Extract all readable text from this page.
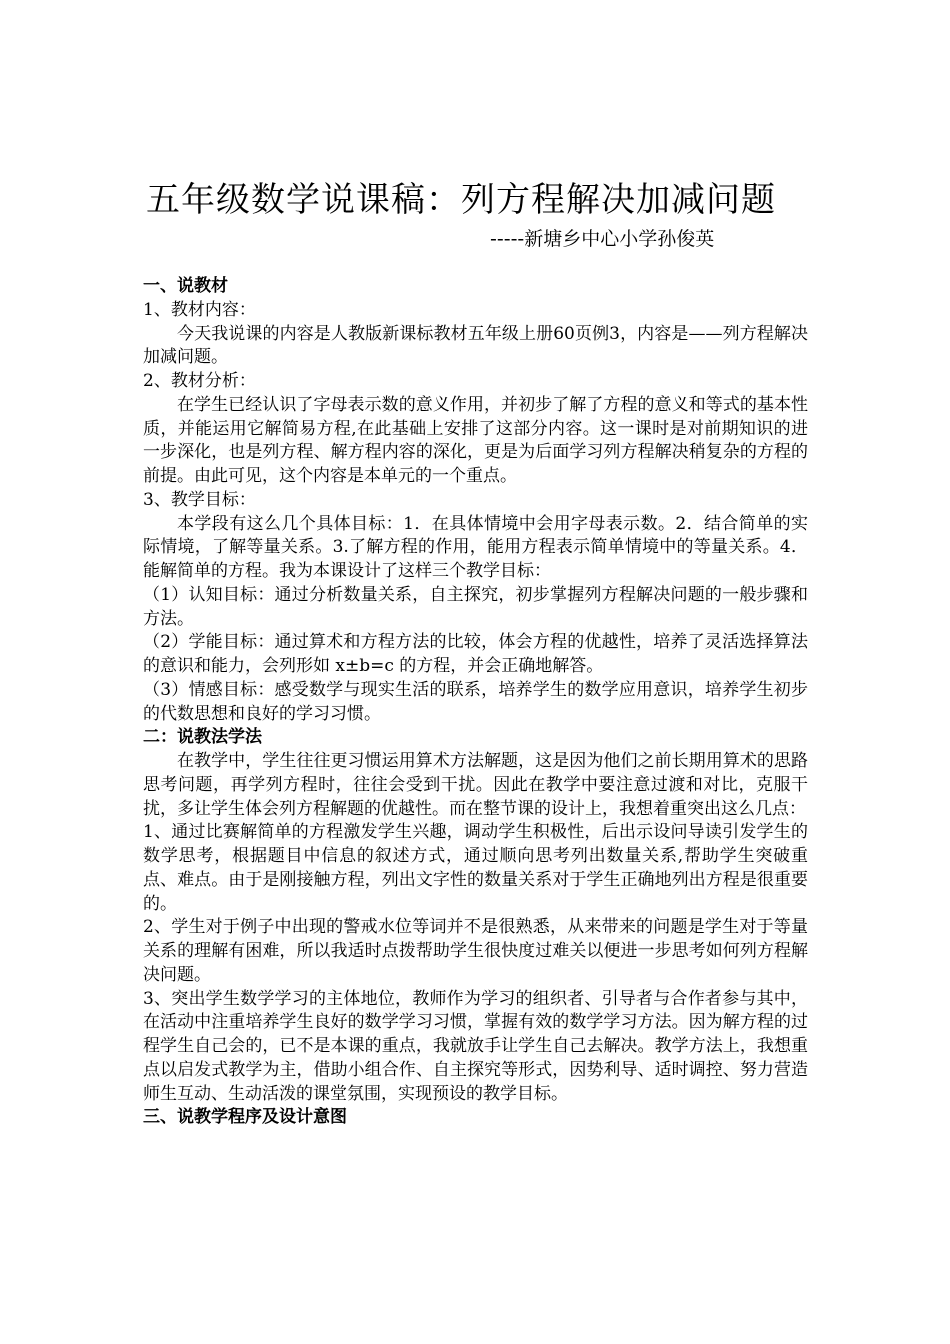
五年级数学说课稿：列方程解决加减问题
-----新塘乡中心小学孙俊英

一、说教材

1、教材内容：

今天我说课的内容是人教版新课标教材五年级上册60页例3，内容是——列方程解决加减问题。

2、教材分析：

在学生已经认识了字母表示数的意义作用，并初步了解了方程的意义和等式的基本性质，并能运用它解简易方程,在此基础上安排了这部分内容。这一课时是对前期知识的进一步深化，也是列方程、解方程内容的深化，更是为后面学习列方程解决稍复杂的方程的前提。由此可见，这个内容是本单元的一个重点。

3、教学目标：

本学段有这么几个具体目标：1．在具体情境中会用字母表示数。2．结合简单的实际情境，了解等量关系。3.了解方程的作用，能用方程表示简单情境中的等量关系。4．能解简单的方程。我为本课设计了这样三个教学目标：

（1）认知目标：通过分析数量关系，自主探究，初步掌握列方程解决问题的一般步骤和方法。

（2）学能目标：通过算术和方程方法的比较，体会方程的优越性，培养了灵活选择算法的意识和能力，会列形如 x±b=c 的方程，并会正确地解答。

（3）情感目标：感受数学与现实生活的联系，培养学生的数学应用意识，培养学生初步的代数思想和良好的学习习惯。

二：说教法学法

在教学中，学生往往更习惯运用算术方法解题，这是因为他们之前长期用算术的思路思考问题，再学列方程时，往往会受到干扰。因此在教学中要注意过渡和对比，克服干扰，多让学生体会列方程解题的优越性。而在整节课的设计上，我想着重突出这么几点：

1、通过比赛解简单的方程激发学生兴趣，调动学生积极性，后出示设问导读引发学生的数学思考，根据题目中信息的叙述方式，通过顺向思考列出数量关系,帮助学生突破重点、难点。由于是刚接触方程，列出文字性的数量关系对于学生正确地列出方程是很重要的。

2、学生对于例子中出现的警戒水位等词并不是很熟悉，从来带来的问题是学生对于等量关系的理解有困难，所以我适时点拨帮助学生很快度过难关以便进一步思考如何列方程解决问题。

3、突出学生数学学习的主体地位，教师作为学习的组织者、引导者与合作者参与其中，在活动中注重培养学生良好的数学学习习惯，掌握有效的数学学习方法。因为解方程的过程学生自己会的，已不是本课的重点，我就放手让学生自己去解决。教学方法上，我想重点以启发式教学为主，借助小组合作、自主探究等形式，因势利导、适时调控、努力营造师生互动、生动活泼的课堂氛围，实现预设的教学目标。

三、说教学程序及设计意图
